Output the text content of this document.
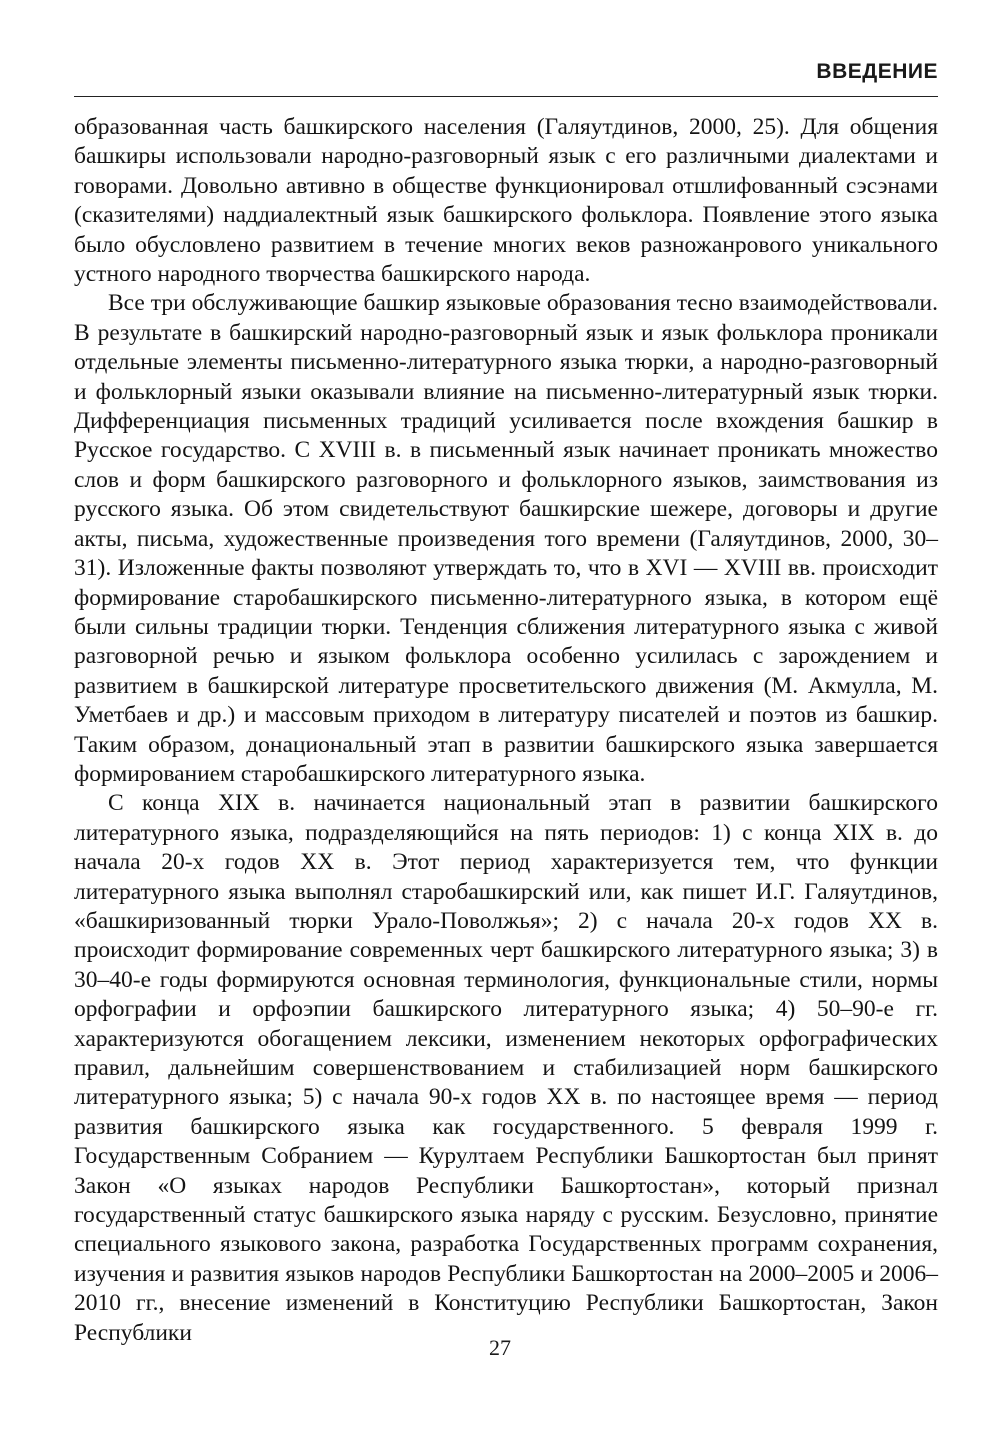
ВВЕДЕНИЕ

образованная часть башкирского населения (Галяутдинов, 2000, 25). Для общения башкиры использовали народно-разговорный язык с его различными диалектами и говорами. Довольно автивно в обществе функционировал отшлифованный сэсэнами (сказителями) наддиалектный язык башкирского фольклора. Появление этого языка было обусловлено развитием в течение многих веков разножанрового уникального устного народного творчества башкирского народа.

Все три обслуживающие башкир языковые образования тесно взаимодействовали. В результате в башкирский народно-разговорный язык и язык фольклора проникали отдельные элементы письменно-литературного языка тюрки, а народно-разговорный и фольклорный языки оказывали влияние на письменно-литературный язык тюрки. Дифференциация письменных традиций усиливается после вхождения башкир в Русское государство. С XVIII в. в письменный язык начинает проникать множество слов и форм башкирского разговорного и фольклорного языков, заимствования из русского языка. Об этом свидетельствуют башкирские шежере, договоры и другие акты, письма, художественные произведения того времени (Галяутдинов, 2000, 30–31). Изложенные факты позволяют утверждать то, что в XVI — XVIII вв. происходит формирование старобашкирского письменно-литературного языка, в котором ещё были сильны традиции тюрки. Тенденция сближения литературного языка с живой разговорной речью и языком фольклора особенно усилилась с зарождением и развитием в башкирской литературе просветительского движения (М. Акмулла, М. Уметбаев и др.) и массовым приходом в литературу писателей и поэтов из башкир. Таким образом, донациональный этап в развитии башкирского языка завершается формированием старобашкирского литературного языка.

С конца XIX в. начинается национальный этап в развитии башкирского литературного языка, подразделяющийся на пять периодов: 1) с конца XIX в. до начала 20-х годов XX в. Этот период характеризуется тем, что функции литературного языка выполнял старобашкирский или, как пишет И.Г. Галяутдинов, «башкиризованный тюрки Урало-Поволжья»; 2) с начала 20-х годов XX в. происходит формирование современных черт башкирского литературного языка; 3) в 30–40-е годы формируются основная терминология, функциональные стили, нормы орфографии и орфоэпии башкирского литературного языка; 4) 50–90-е гг. характеризуются обогащением лексики, изменением некоторых орфографических правил, дальнейшим совершенствованием и стабилизацией норм башкирского литературного языка; 5) с начала 90-х годов XX в. по настоящее время — период развития башкирского языка как государственного. 5 февраля 1999 г. Государственным Собранием — Курултаем Республики Башкортостан был принят Закон «О языках народов Республики Башкортостан», который признал государственный статус башкирского языка наряду с русским. Безусловно, принятие специального языкового закона, разработка Государственных программ сохранения, изучения и развития языков народов Республики Башкортостан на 2000–2005 и 2006–2010 гг., внесение изменений в Конституцию Республики Башкортостан, Закон Республики

27
